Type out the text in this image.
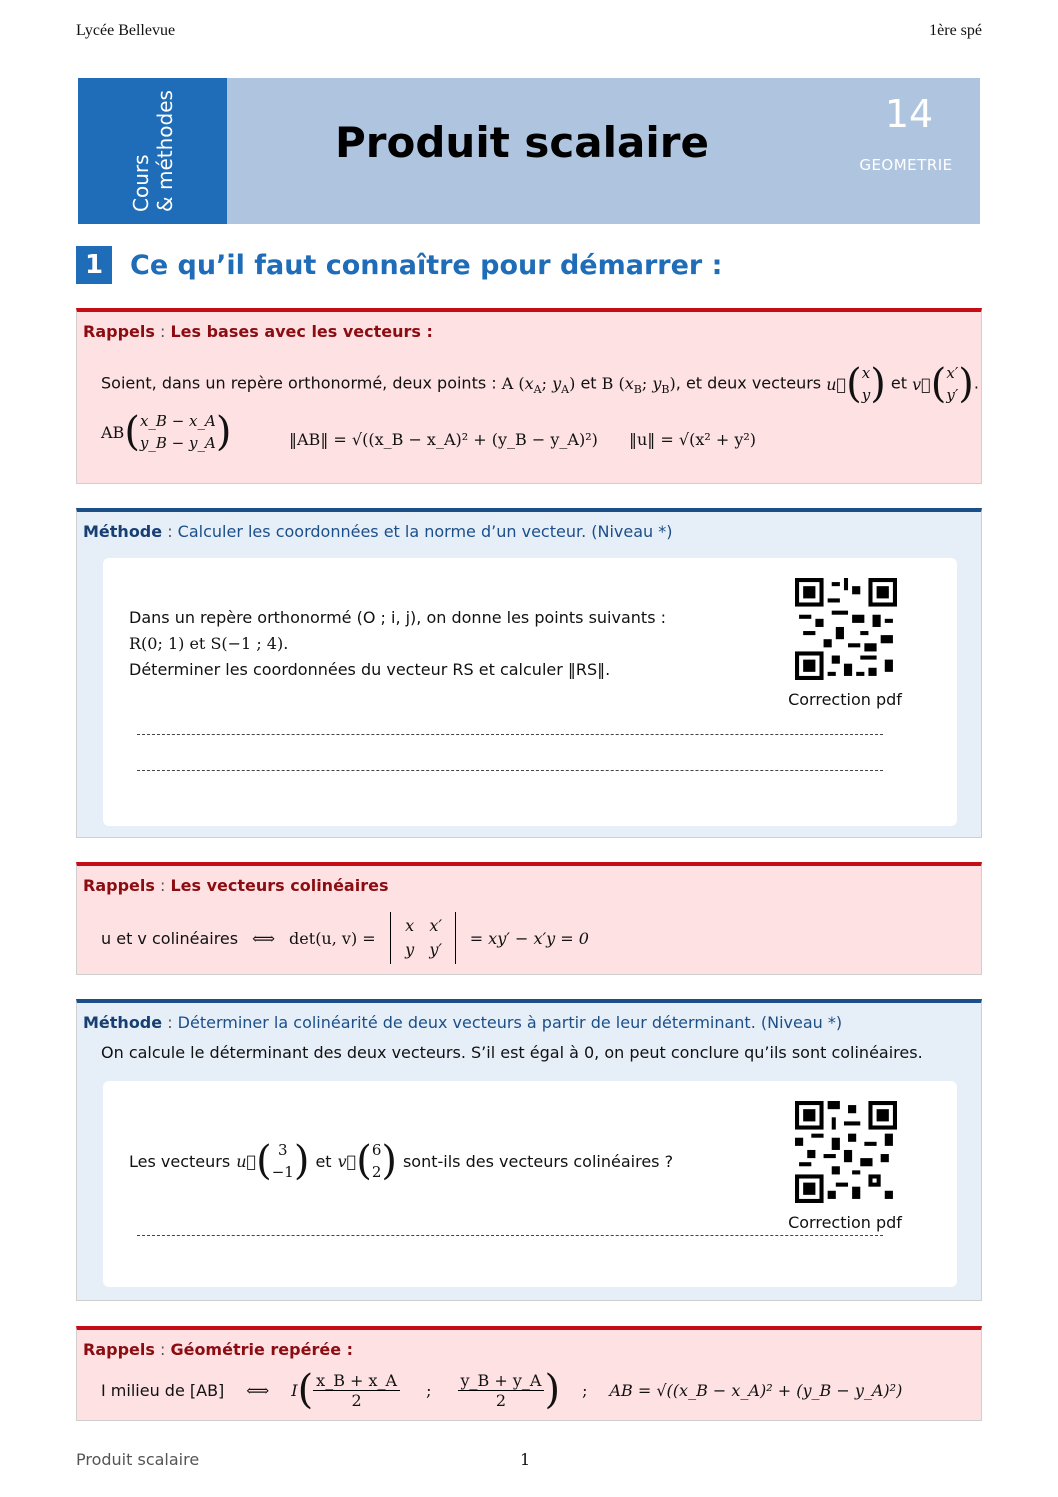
Lycée Bellevue	1ère spé
Cours & méthodes	Produit scalaire
14
GEOMETRIE
1 Ce qu’il faut connaître pour démarrer :
Rappels : Les bases avec les vecteurs :
Soient, dans un repère orthonormé, deux points : A ($x_A$; $y_A$) et B ($x_B$; $y_B$), et deux vecteurs u⃗ ( x
y ) et v⃗ ( x′
y′ ) .
AB ( x_B − x_A
y_B − y_A )	‖AB‖ = √((x_B − x_A)² + (y_B − y_A)²) ‖u‖ = √(x² + y²)
Méthode : Calculer les coordonnées et la norme d’un vecteur. (Niveau *)
Dans un repère orthonormé (O ; i, j), on donne les points suivants :
R(0; 1) et S(−1 ; 4).
Déterminer les coordonnées du vecteur RS et calculer ‖RS‖.
Correction pdf
Rappels : Les vecteurs colinéaires
u et v colinéaires ⟺ det(u, v) =
x x′
y y′
= xy′ − x′y = 0
Méthode : Déterminer la colinéarité de deux vecteurs à partir de leur déterminant. (Niveau *)
On calcule le déterminant des deux vecteurs. S’il est égal à 0, on peut conclure qu’ils sont colinéaires.
Les vecteurs u⃗ ( 3
−1 ) et v⃗ ( 6
2 ) sont-ils des vecteurs colinéaires ?
Correction pdf
Rappels : Géométrie repérée :
I milieu de [AB] ⟺ I ( x_B + x_A
2
;
y_B + y_A
2 ) ; AB = √((x_B − x_A)² + (y_B − y_A)²)
Produit scalaire	1
